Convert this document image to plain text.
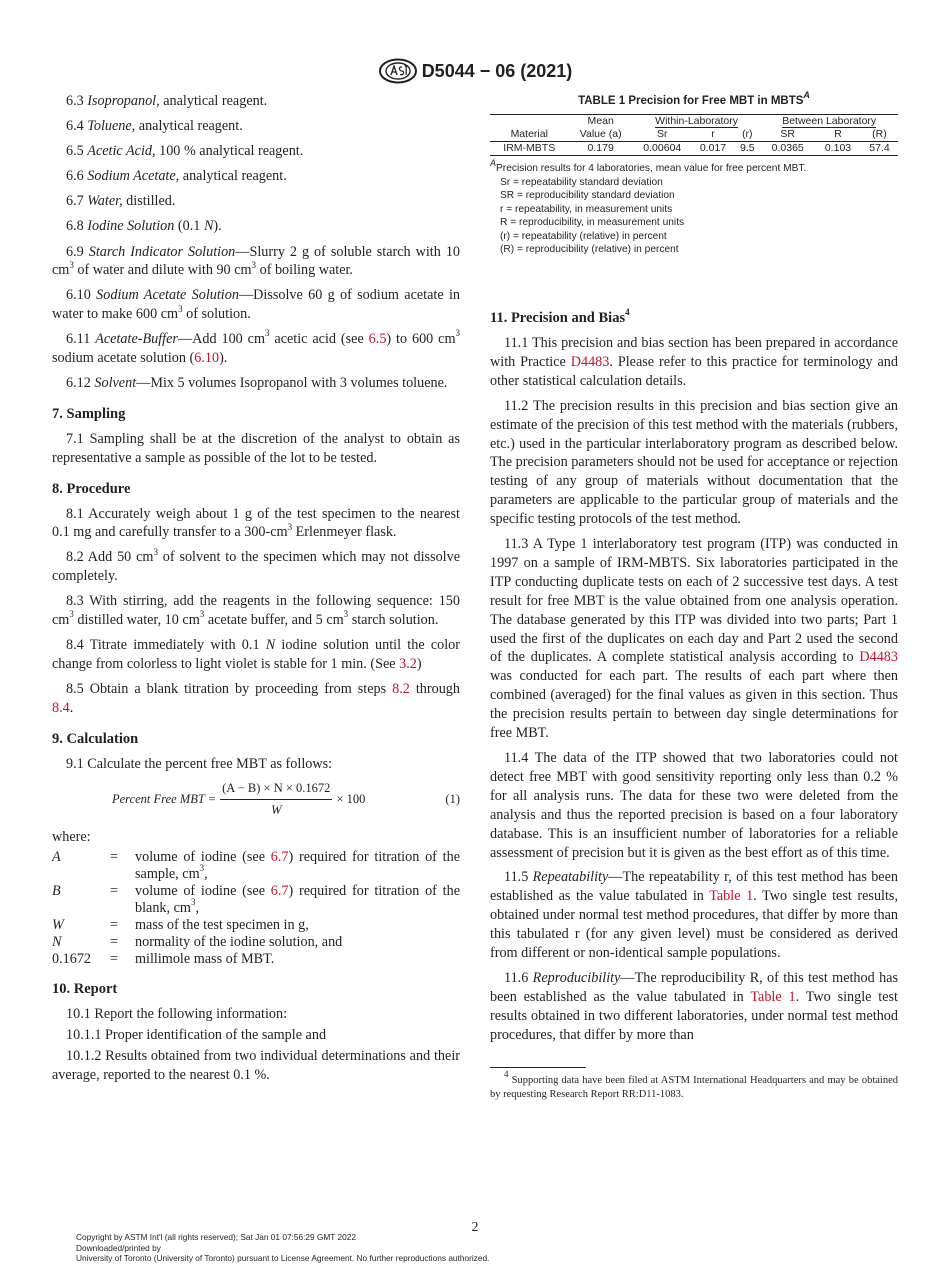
D5044 − 06 (2021)

6.3 Isopropanol, analytical reagent.

6.4 Toluene, analytical reagent.

6.5 Acetic Acid, 100 % analytical reagent.

6.6 Sodium Acetate, analytical reagent.

6.7 Water, distilled.

6.8 Iodine Solution (0.1 N).

6.9 Starch Indicator Solution—Slurry 2 g of soluble starch with 10 $cm^3$ of water and dilute with 90 $cm^3$ of boiling water.

6.10 Sodium Acetate Solution—Dissolve 60 g of sodium acetate in water to make 600 $cm^3$ of solution.

6.11 Acetate-Buffer—Add 100 $cm^3$ acetic acid (see 6.5) to 600 $cm^3$ sodium acetate solution (6.10).

6.12 Solvent—Mix 5 volumes Isopropanol with 3 volumes toluene.

7. Sampling

7.1 Sampling shall be at the discretion of the analyst to obtain as representative a sample as possible of the lot to be tested.

8. Procedure

8.1 Accurately weigh about 1 g of the test specimen to the nearest 0.1 mg and carefully transfer to a $300-cm^3$ Erlenmeyer flask.

8.2 Add 50 $cm^3$ of solvent to the specimen which may not dissolve completely.

8.3 With stirring, add the reagents in the following sequence: 150 $cm^3$ distilled water, 10 $cm^3$ acetate buffer, and 5 $cm^3$ starch solution.

8.4 Titrate immediately with 0.1 N iodine solution until the color change from colorless to light violet is stable for 1 min. (See 3.2)

8.5 Obtain a blank titration by proceeding from steps 8.2 through 8.4.

9. Calculation

9.1 Calculate the percent free MBT as follows:

Percent Free MBT = $\frac{(A - B) \times N \times 0.1672}{W} \times 100$	(1)

where:

A	=	volume of iodine (see 6.7) required for titration of the sample, $cm^3$,
B	=	volume of iodine (see 6.7) required for titration of the blank, $cm^3$,
W	=	mass of the test specimen in g,
N	=	normality of the iodine solution, and
0.1672	=	millimole mass of MBT.
10. Report

10.1 Report the following information:

10.1.1 Proper identification of the sample and

10.1.2 Results obtained from two individual determinations and their average, reported to the nearest 0.1 %.

TABLE 1 Precision for Free MBT in $MBTS^A$
	Mean	Within-Laboratory			Between Laboratory		
Material	Value (a)	Sr	r	(r)	SR	R	(R)
IRM-MBTS	0.179	0.00604	0.017	9.5	0.0365	0.103	57.4
$^A$Precision results for 4 laboratories, mean value for free percent MBT.
Sr = repeatability standard deviation
SR = reproducibility standard deviation
r = repeatability, in measurement units
R = reproducibility, in measurement units
(r) = repeatability (relative) in percent
(R) = reproducibility (relative) in percent
11. Precision and Bias$^4$

11.1 This precision and bias section has been prepared in accordance with Practice D4483. Please refer to this practice for terminology and other statistical calculation details.

11.2 The precision results in this precision and bias section give an estimate of the precision of this test method with the materials (rubbers, etc.) used in the particular interlaboratory program as described below. The precision parameters should not be used for acceptance or rejection testing of any group of materials without documentation that the parameters are applicable to the particular group of materials and the specific testing protocols of the test method.

11.3 A Type 1 interlaboratory test program (ITP) was conducted in 1997 on a sample of IRM-MBTS. Six laboratories participated in the ITP conducting duplicate tests on each of 2 successive test days. A test result for free MBT is the value obtained from one analysis operation. The database generated by this ITP was divided into two parts; Part 1 used the first of the duplicates on each day and Part 2 used the second of the duplicates. A complete statistical analysis according to D4483 was conducted for each part. The results of each part where then combined (averaged) for the final values as given in this section. Thus the precision results pertain to between day single determinations for free MBT.

11.4 The data of the ITP showed that two laboratories could not detect free MBT with good sensitivity reporting only less than 0.2 % for all analysis runs. The data for these two were deleted from the analysis and thus the reported precision is based on a four laboratory database. This is an insufficient number of laboratories for a reliable assessment of precision but it is given as the best effort as of this time.

11.5 Repeatability—The repeatability r, of this test method has been established as the value tabulated in Table 1. Two single test results, obtained under normal test method procedures, that differ by more than this tabulated r (for any given level) must be considered as derived from different or non-identical sample populations.

11.6 Reproducibility—The reproducibility R, of this test method has been established as the value tabulated in Table 1. Two single test results obtained in two different laboratories, under normal test method procedures, that differ by more than

$^4$ Supporting data have been filed at ASTM International Headquarters and may be obtained by requesting Research Report RR:D11-1083.

2
Copyright by ASTM Int'l (all rights reserved); Sat Jan 01 07:56:29 GMT 2022
Downloaded/printed by
University of Toronto (University of Toronto) pursuant to License Agreement. No further reproductions authorized.
